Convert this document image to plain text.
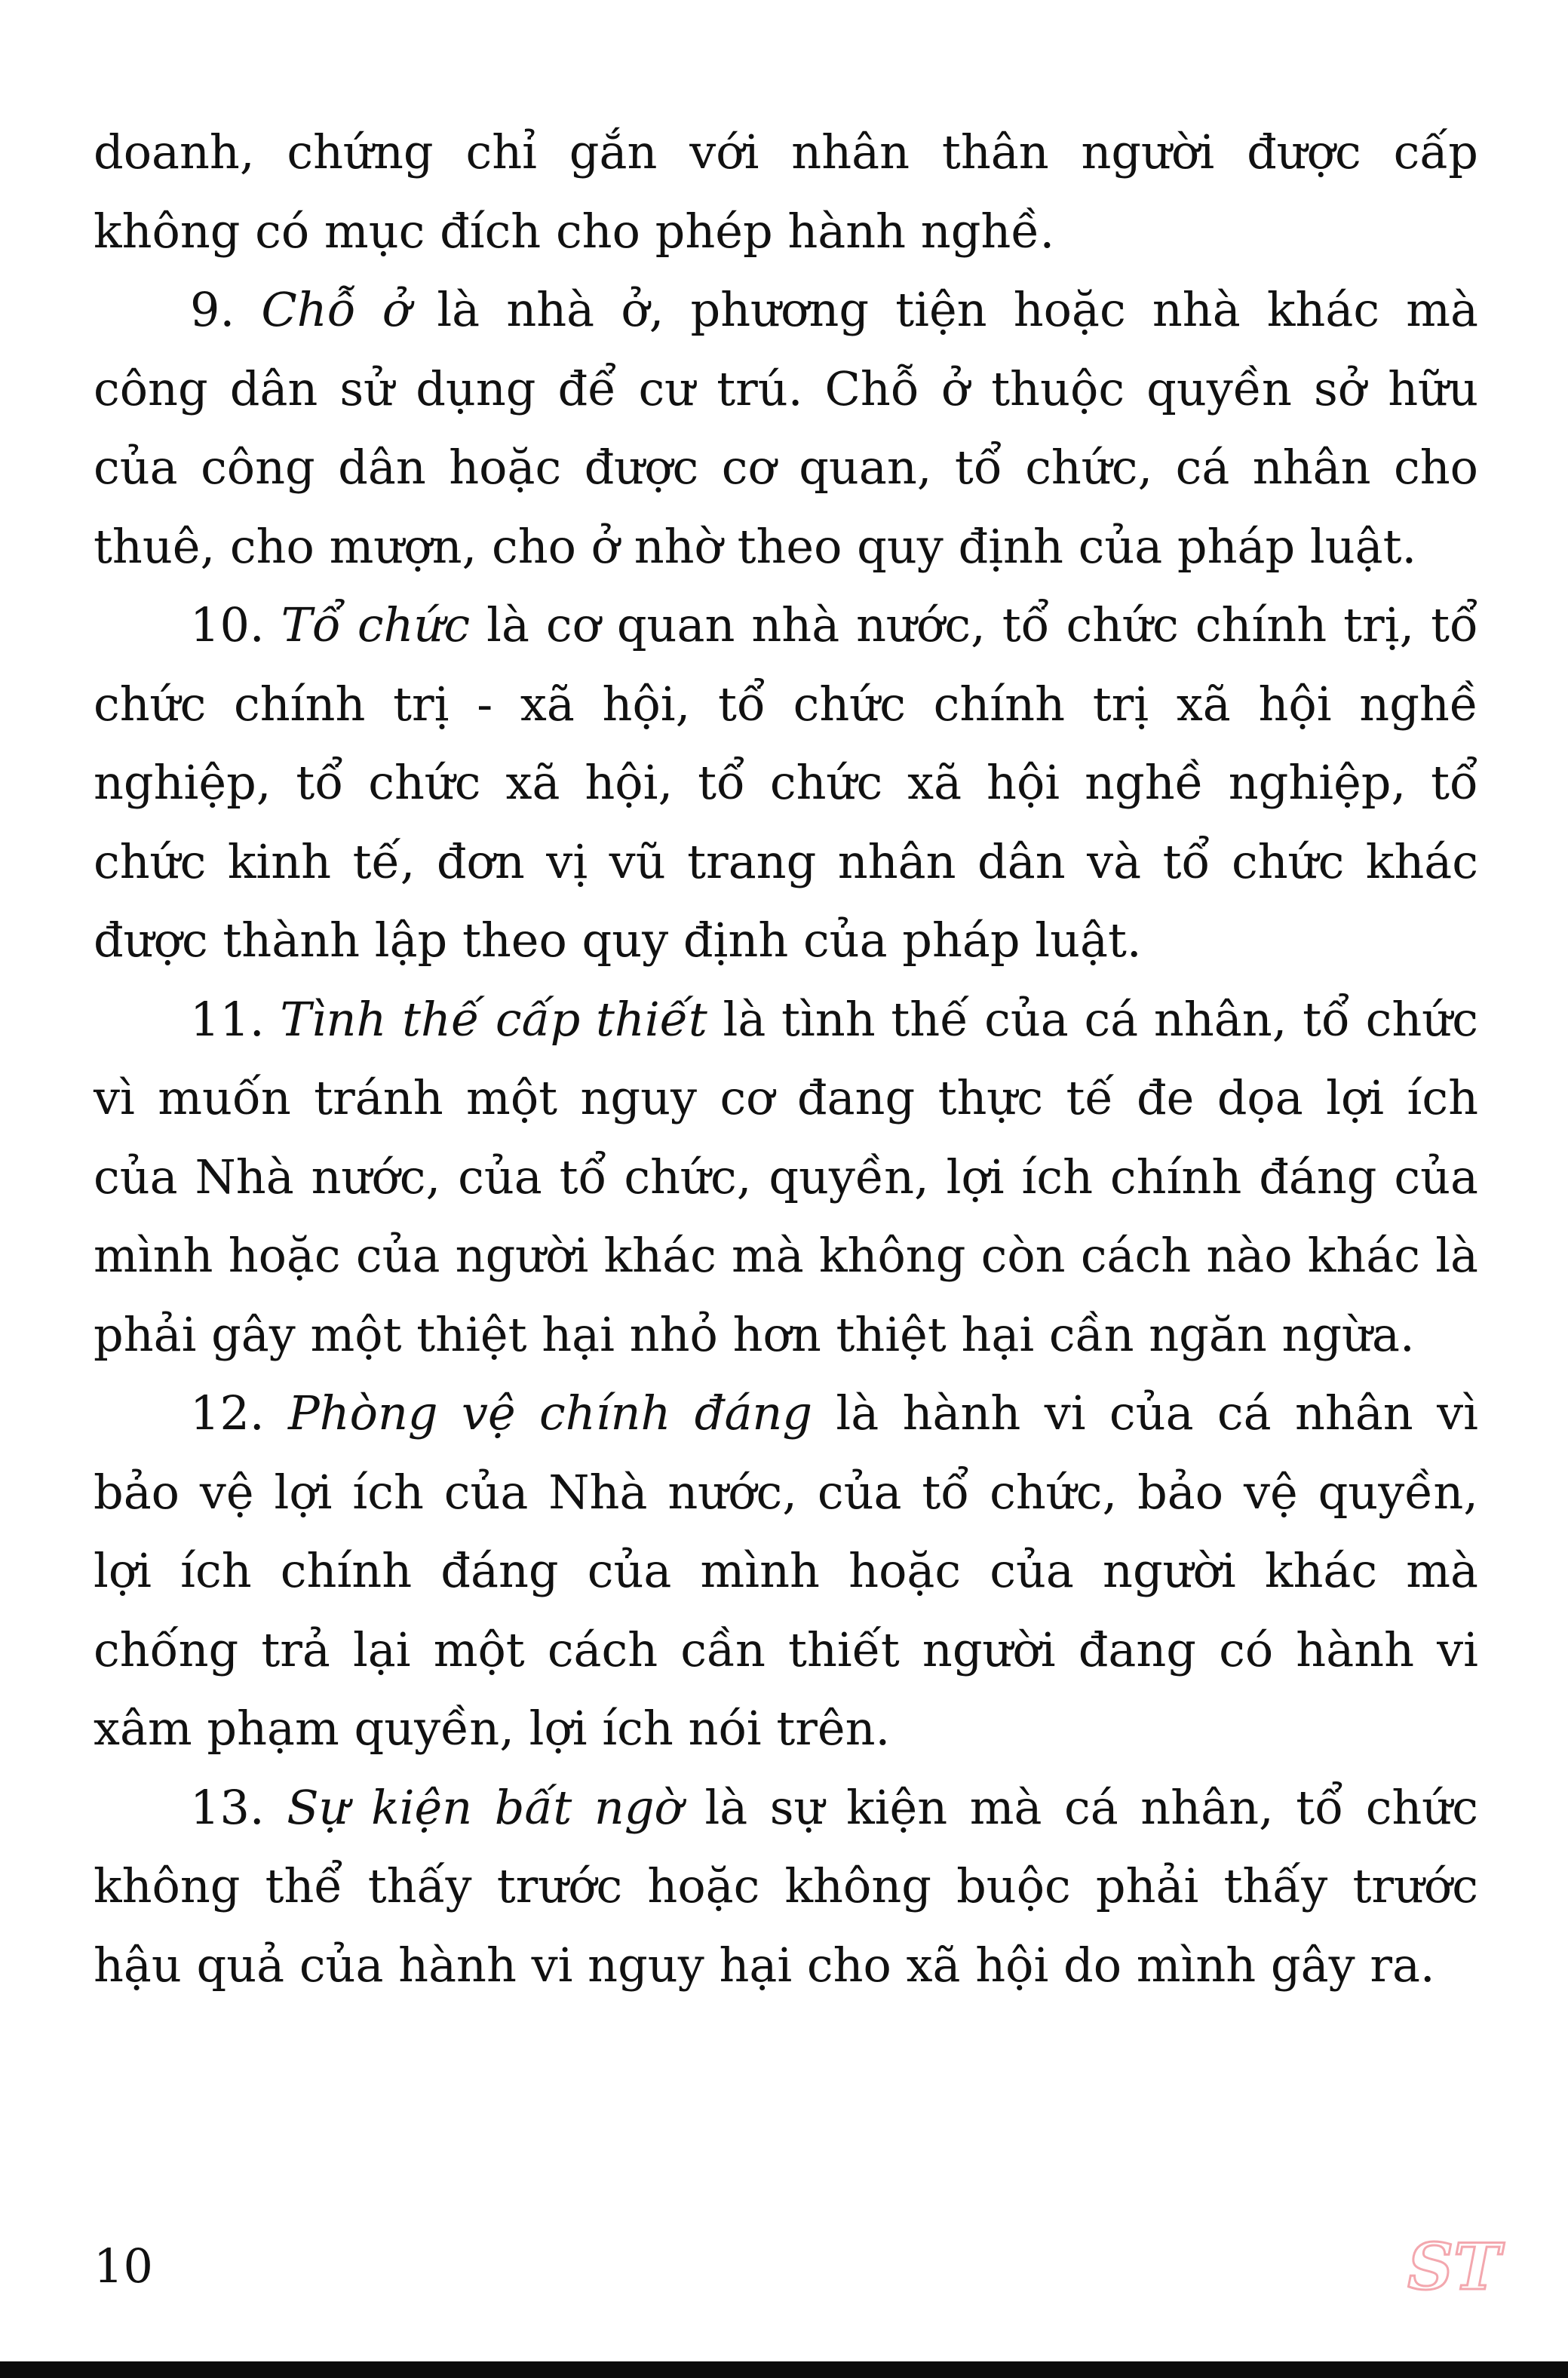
doanh, chứng chỉ gắn với nhân thân người được cấp không có mục đích cho phép hành nghề.

9. Chỗ ở là nhà ở, phương tiện hoặc nhà khác mà công dân sử dụng để cư trú. Chỗ ở thuộc quyền sở hữu của công dân hoặc được cơ quan, tổ chức, cá nhân cho thuê, cho mượn, cho ở nhờ theo quy định của pháp luật.

10. Tổ chức là cơ quan nhà nước, tổ chức chính trị, tổ chức chính trị - xã hội, tổ chức chính trị xã hội nghề nghiệp, tổ chức xã hội, tổ chức xã hội nghề nghiệp, tổ chức kinh tế, đơn vị vũ trang nhân dân và tổ chức khác được thành lập theo quy định của pháp luật.

11. Tình thế cấp thiết là tình thế của cá nhân, tổ chức vì muốn tránh một nguy cơ đang thực tế đe dọa lợi ích của Nhà nước, của tổ chức, quyền, lợi ích chính đáng của mình hoặc của người khác mà không còn cách nào khác là phải gây một thiệt hại nhỏ hơn thiệt hại cần ngăn ngừa.

12. Phòng vệ chính đáng là hành vi của cá nhân vì bảo vệ lợi ích của Nhà nước, của tổ chức, bảo vệ quyền, lợi ích chính đáng của mình hoặc của người khác mà chống trả lại một cách cần thiết người đang có hành vi xâm phạm quyền, lợi ích nói trên.

13. Sự kiện bất ngờ là sự kiện mà cá nhân, tổ chức không thể thấy trước hoặc không buộc phải thấy trước hậu quả của hành vi nguy hại cho xã hội do mình gây ra.

10	ST
